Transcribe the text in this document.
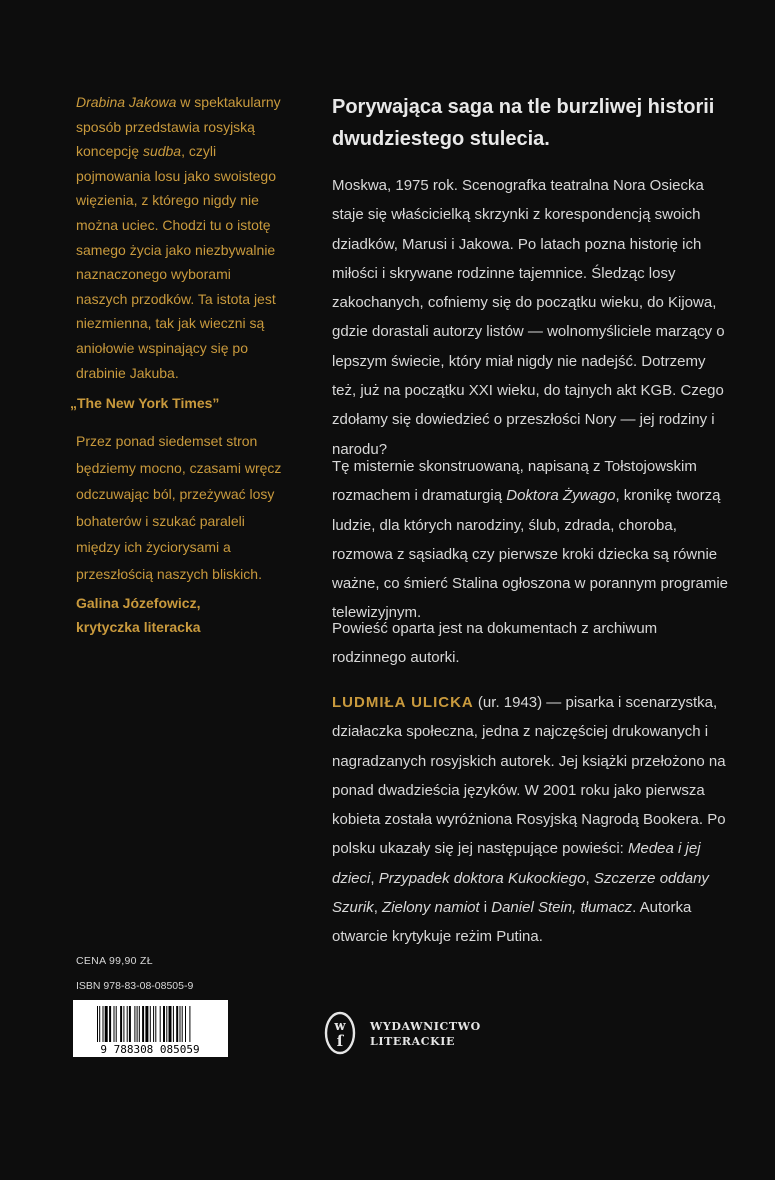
Drabina Jakowa w spektakularny sposób przedstawia rosyjską koncepcję sudba, czyli pojmowania losu jako swoistego więzienia, z którego nigdy nie można uciec. Chodzi tu o istotę samego życia jako niezbywalnie naznaczonego wyborami naszych przodków. Ta istota jest niezmienna, tak jak wieczni są aniołowie wspinający się po drabinie Jakuba.

„The New York Times”

Przez ponad siedemset stron będziemy mocno, czasami wręcz odczuwając ból, przeżywać losy bohaterów i szukać paraleli między ich życiorysami a przeszłością naszych bliskich.

Galina Józefowicz,
krytyczka literacka

Porywająca saga na tle burzliwej historii dwudziestego stulecia.

Moskwa, 1975 rok. Scenografka teatralna Nora Osiecka staje się właścicielką skrzynki z korespondencją swoich dziadków, Marusi i Jakowa. Po latach pozna historię ich miłości i skrywane rodzinne tajemnice. Śledząc losy zakochanych, cofniemy się do początku wieku, do Kijowa, gdzie dorastali autorzy listów — wolnomyśliciele marzący o lepszym świecie, który miał nigdy nie nadejść. Dotrzemy też, już na początku XXI wieku, do tajnych akt KGB. Czego zdołamy się dowiedzieć o przeszłości Nory — jej rodziny i narodu?

Tę misternie skonstruowaną, napisaną z Tołstojowskim rozmachem i dramaturgią Doktora Żywago, kronikę tworzą ludzie, dla których narodziny, ślub, zdrada, choroba, rozmowa z sąsiadką czy pierwsze kroki dziecka są równie ważne, co śmierć Stalina ogłoszona w porannym programie telewizyjnym.

Powieść oparta jest na dokumentach z archiwum rodzinnego autorki.

LUDMIŁA ULICKA (ur. 1943) — pisarka i scenarzystka, działaczka społeczna, jedna z najczęściej drukowanych i nagradzanych rosyjskich autorek. Jej książki przełożono na ponad dwadzieścia języków. W 2001 roku jako pierwsza kobieta została wyróżniona Rosyjską Nagrodą Bookera. Po polsku ukazały się jej następujące powieści: Medea i jej dzieci, Przypadek doktora Kukockiego, Szczerze oddany Szurik, Zielony namiot i Daniel Stein, tłumacz. Autorka otwarcie krytykuje reżim Putina.

CENA 99,90 ZŁ
ISBN 978-83-08-08505-9
9 788308 085059
w
ſ
WYDAWNICTWO
LITERACKIE
